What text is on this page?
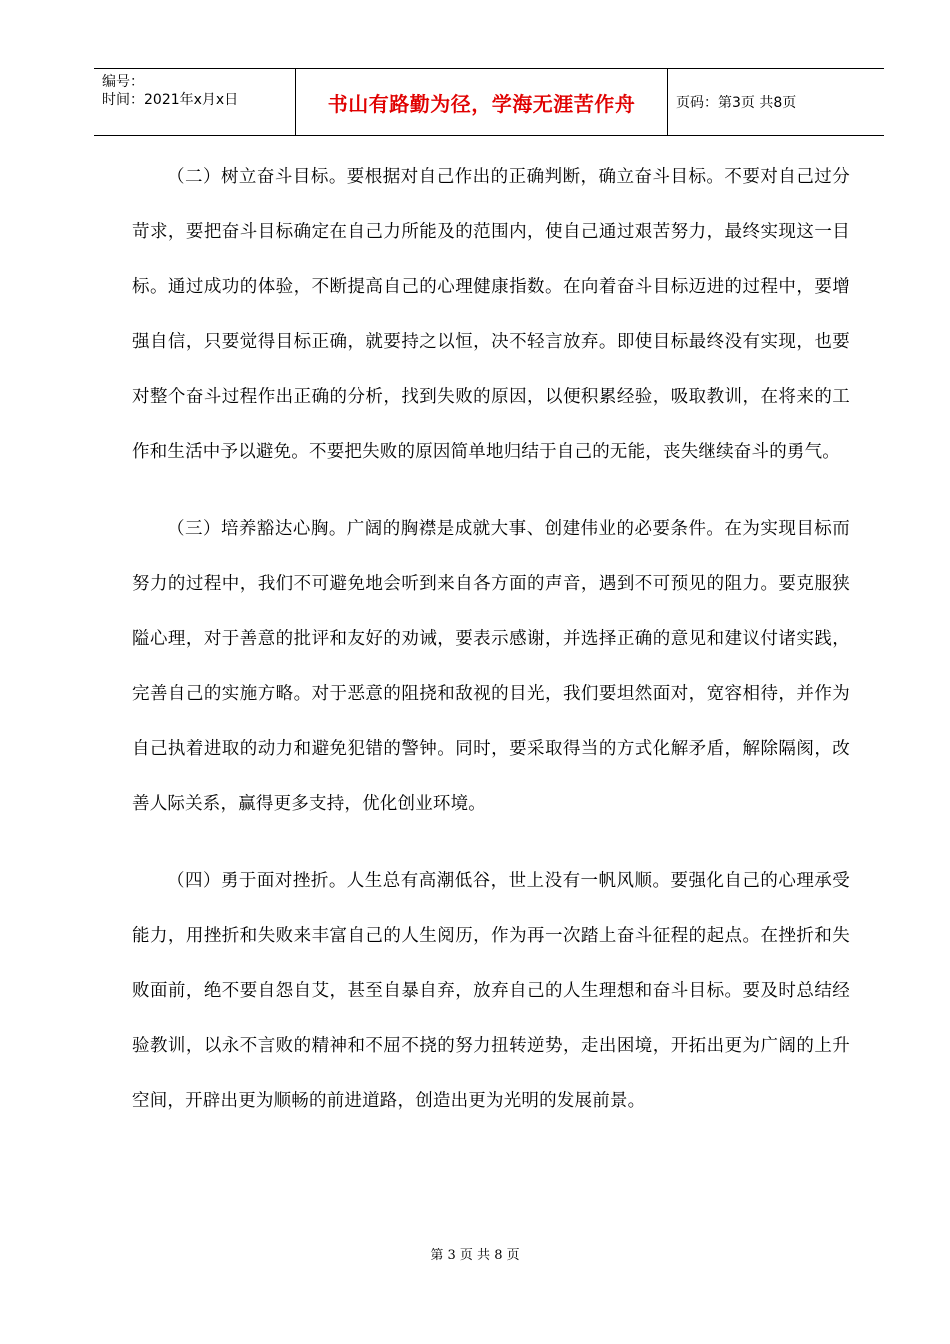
编号：
时间：2021年x月x日	书山有路勤为径，学海无涯苦作舟	页码：第3页 共8页

（二）树立奋斗目标。要根据对自己作出的正确判断，确立奋斗目标。不要对自己过分苛求，要把奋斗目标确定在自己力所能及的范围内，使自己通过艰苦努力，最终实现这一目标。通过成功的体验，不断提高自己的心理健康指数。在向着奋斗目标迈进的过程中，要增强自信，只要觉得目标正确，就要持之以恒，决不轻言放弃。即使目标最终没有实现，也要对整个奋斗过程作出正确的分析，找到失败的原因，以便积累经验，吸取教训，在将来的工作和生活中予以避免。不要把失败的原因简单地归结于自己的无能，丧失继续奋斗的勇气。

（三）培养豁达心胸。广阔的胸襟是成就大事、创建伟业的必要条件。在为实现目标而努力的过程中，我们不可避免地会听到来自各方面的声音，遇到不可预见的阻力。要克服狭隘心理，对于善意的批评和友好的劝诫，要表示感谢，并选择正确的意见和建议付诸实践，完善自己的实施方略。对于恶意的阻挠和敌视的目光，我们要坦然面对，宽容相待，并作为自己执着进取的动力和避免犯错的警钟。同时，要采取得当的方式化解矛盾，解除隔阂，改善人际关系，赢得更多支持，优化创业环境。

（四）勇于面对挫折。人生总有高潮低谷，世上没有一帆风顺。要强化自己的心理承受能力，用挫折和失败来丰富自己的人生阅历，作为再一次踏上奋斗征程的起点。在挫折和失败面前，绝不要自怨自艾，甚至自暴自弃，放弃自己的人生理想和奋斗目标。要及时总结经验教训，以永不言败的精神和不屈不挠的努力扭转逆势，走出困境，开拓出更为广阔的上升空间，开辟出更为顺畅的前进道路，创造出更为光明的发展前景。

第 3 页 共 8 页
